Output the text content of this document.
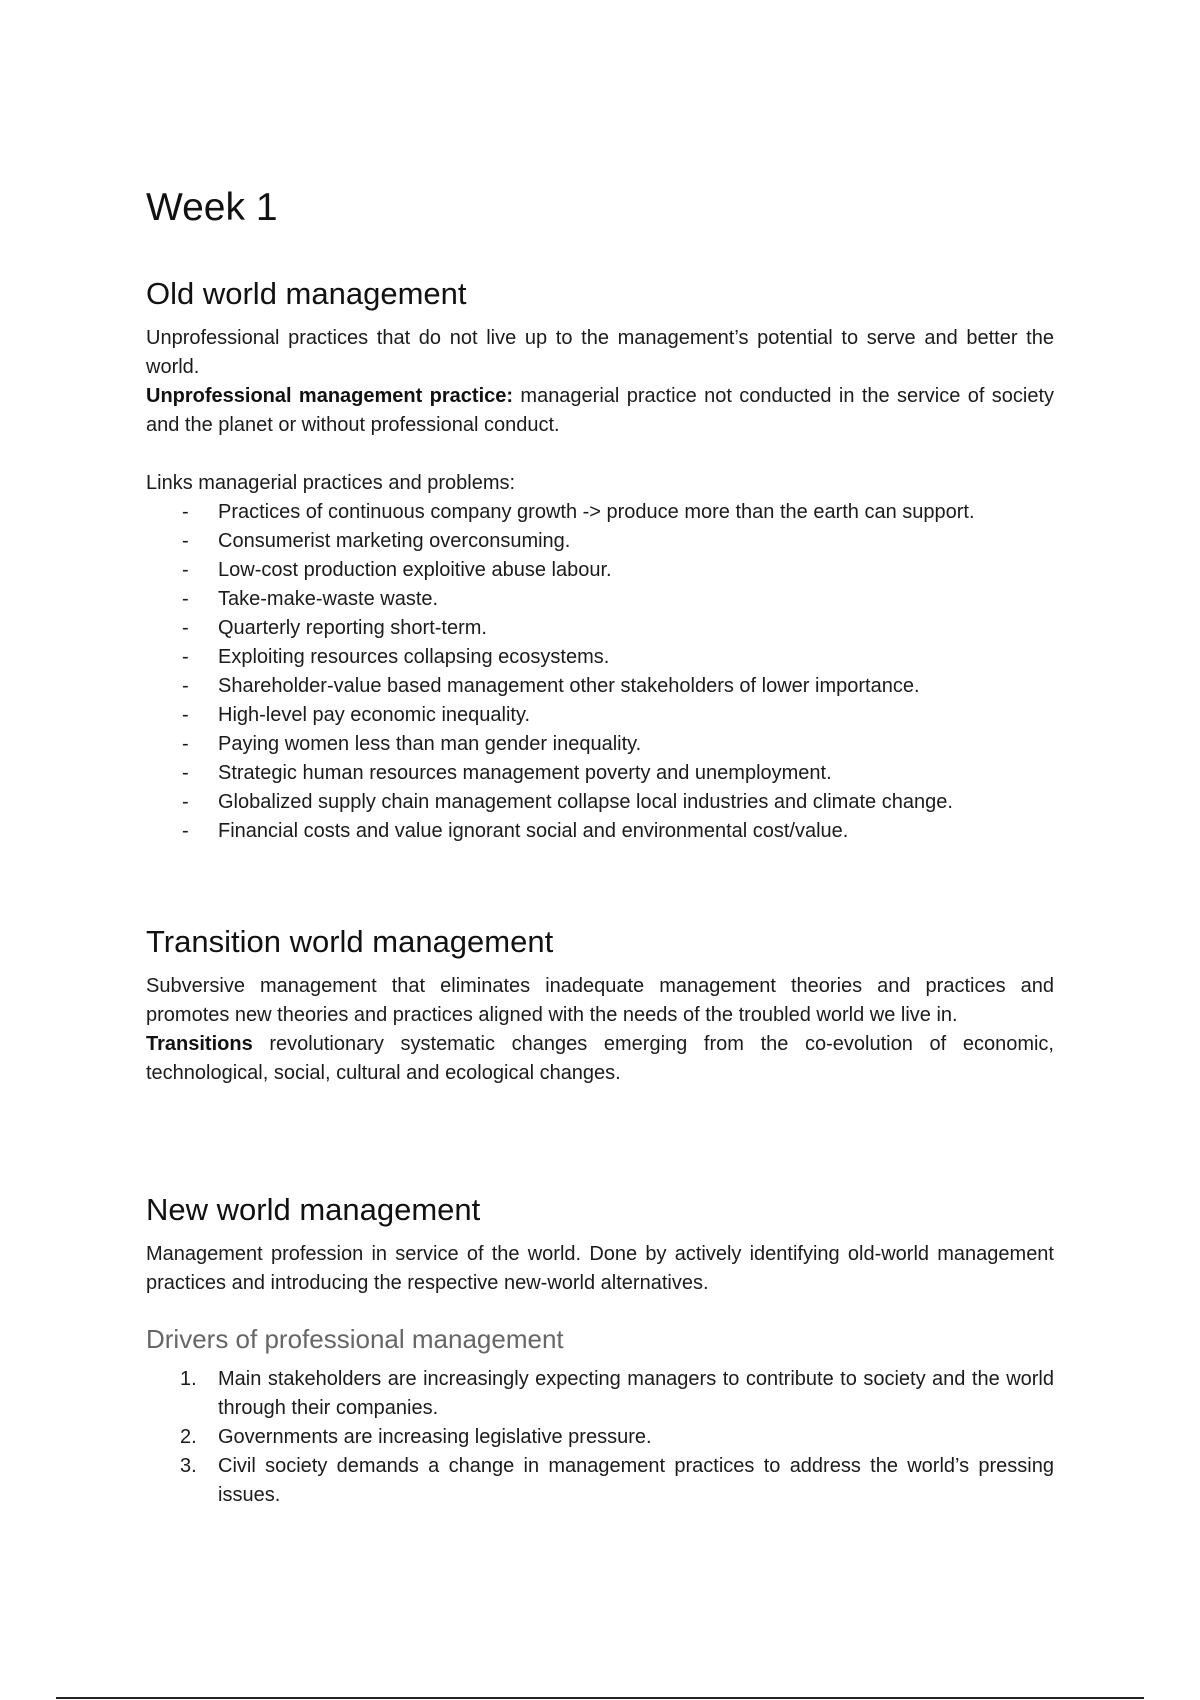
Week 1
Old world management

Unprofessional practices that do not live up to the management’s potential to serve and better the world.

Unprofessional management practice: managerial practice not conducted in the service of society and the planet or without professional conduct.

Links managerial practices and problems:

- Practices of continuous company growth -> produce more than the earth can support.
- Consumerist marketing overconsuming.
- Low-cost production exploitive abuse labour.
- Take-make-waste waste.
- Quarterly reporting short-term.
- Exploiting resources collapsing ecosystems.
- Shareholder-value based management other stakeholders of lower importance.
- High-level pay economic inequality.
- Paying women less than man gender inequality.
- Strategic human resources management poverty and unemployment.
- Globalized supply chain management collapse local industries and climate change.
- Financial costs and value ignorant social and environmental cost/value.
Transition world management

Subversive management that eliminates inadequate management theories and practices and promotes new theories and practices aligned with the needs of the troubled world we live in.

Transitions revolutionary systematic changes emerging from the co-evolution of economic, technological, social, cultural and ecological changes.

New world management

Management profession in service of the world. Done by actively identifying old-world management practices and introducing the respective new-world alternatives.

Drivers of professional management
1. Main stakeholders are increasingly expecting managers to contribute to society and the world through their companies.
2. Governments are increasing legislative pressure.
3. Civil society demands a change in management practices to address the world’s pressing issues.
